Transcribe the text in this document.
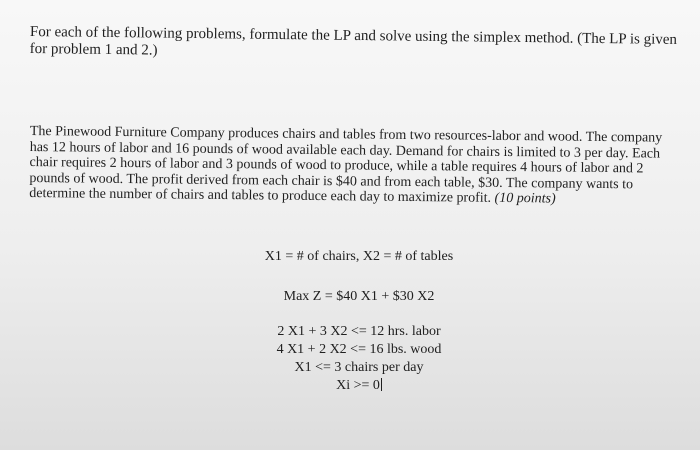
For each of the following problems, formulate the LP and solve using the simplex method. (The LP is given for problem 1 and 2.)
The Pinewood Furniture Company produces chairs and tables from two resources-labor and wood. The company has 12 hours of labor and 16 pounds of wood available each day. Demand for chairs is limited to 3 per day. Each chair requires 2 hours of labor and 3 pounds of wood to produce, while a table requires 4 hours of labor and 2 pounds of wood. The profit derived from each chair is $40 and from each table, $30. The company wants to determine the number of chairs and tables to produce each day to maximize profit. (10 points)
X1 = # of chairs, X2 = # of tables
Max Z = $40 X1 + $30 X2
2 X1 + 3 X2 <= 12 hrs. labor
4 X1 + 2 X2 <= 16 lbs. wood
X1 <= 3 chairs per day
Xi >= 0
